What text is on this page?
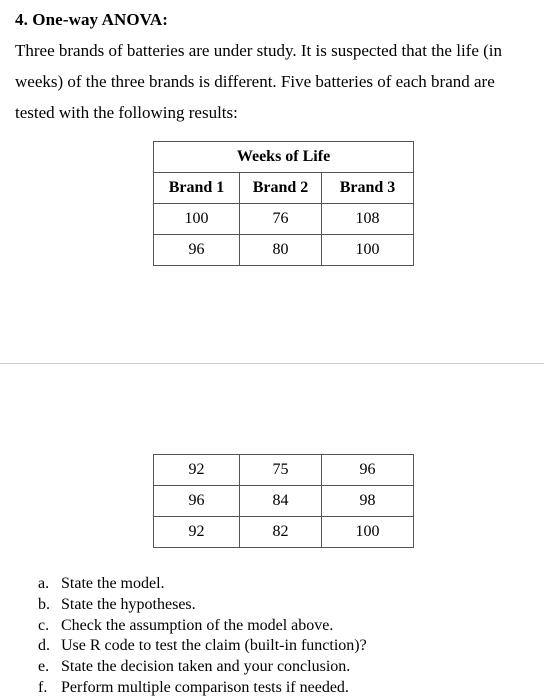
4. One-way ANOVA:
Three brands of batteries are under study. It is suspected that the life (in
weeks) of the three brands is different. Five batteries of each brand are
tested with the following results:
Weeks of Life		
Brand 1	Brand 2	Brand 3
100	76	108
96	80	100
92	75	96
96	84	98
92	82	100
a. State the model.
b. State the hypotheses.
c. Check the assumption of the model above.
d. Use R code to test the claim (built-in function)?
e. State the decision taken and your conclusion.
f. Perform multiple comparison tests if needed.
